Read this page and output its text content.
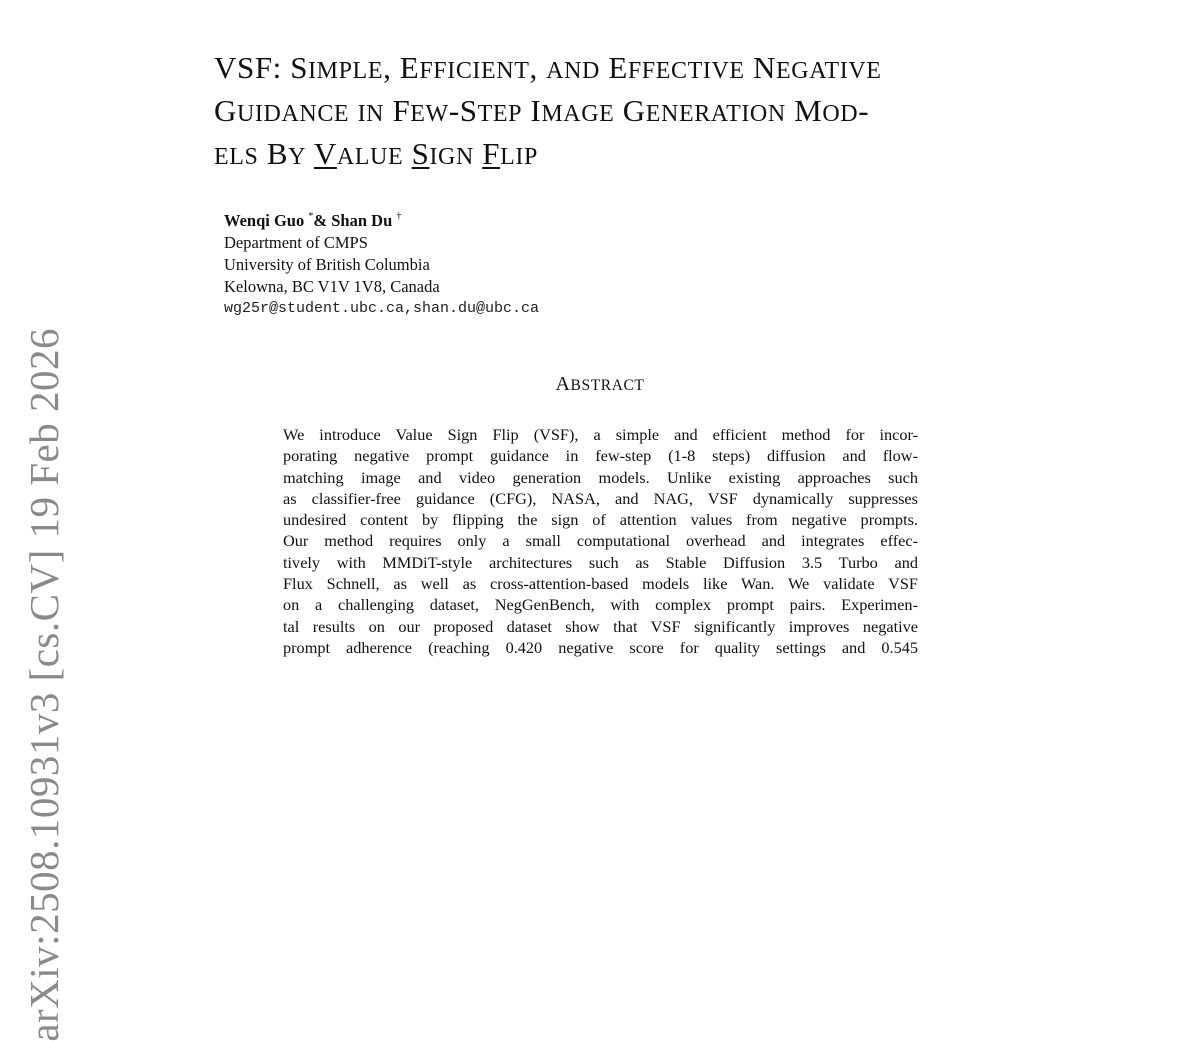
arXiv:2508.10931v3 [cs.CV] 19 Feb 2026
VSF: SIMPLE, EFFICIENT, AND EFFECTIVE NEGATIVE
GUIDANCE IN FEW-STEP IMAGE GENERATION MOD-
ELS BY VALUE SIGN FLIP
Wenqi Guo *& Shan Du †
Department of CMPS
University of British Columbia
Kelowna, BC V1V 1V8, Canada
wg25r@student.ubc.ca,shan.du@ubc.ca
ABSTRACT
We introduce Value Sign Flip (VSF), a simple and efficient method for incor-
porating negative prompt guidance in few-step (1-8 steps) diffusion and flow-
matching image and video generation models. Unlike existing approaches such
as classifier-free guidance (CFG), NASA, and NAG, VSF dynamically suppresses
undesired content by flipping the sign of attention values from negative prompts.
Our method requires only a small computational overhead and integrates effec-
tively with MMDiT-style architectures such as Stable Diffusion 3.5 Turbo and
Flux Schnell, as well as cross-attention-based models like Wan. We validate VSF
on a challenging dataset, NegGenBench, with complex prompt pairs. Experimen-
tal results on our proposed dataset show that VSF significantly improves negative
prompt adherence (reaching 0.420 negative score for quality settings and 0.545
